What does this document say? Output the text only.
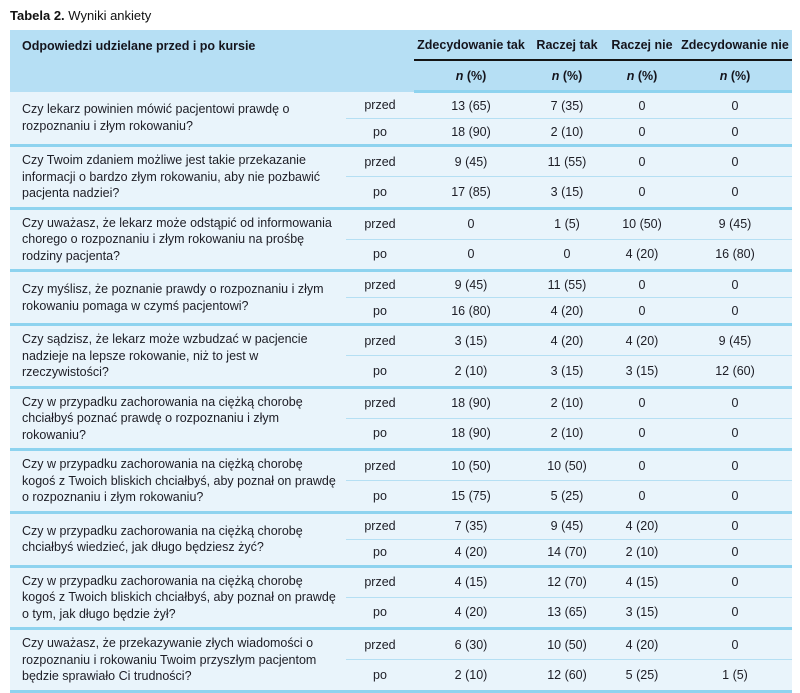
Tabela 2. Wyniki ankiety

Odpowiedzi udzielane przed i po kursie		Zdecydowanie tak	Raczej tak	Raczej nie	Zdecydowanie nie
		n (%)	n (%)	n (%)	n (%)
Czy lekarz powinien mówić pacjentowi prawdę o rozpoznaniu i złym rokowaniu?	przed	13 (65)	7 (35)	0	0
	po	18 (90)	2 (10)	0	0
Czy Twoim zdaniem możliwe jest takie przekazanie informacji o bardzo złym rokowaniu, aby nie pozbawić pacjenta nadziei?	przed	9 (45)	11 (55)	0	0
	po	17 (85)	3 (15)	0	0
Czy uważasz, że lekarz może odstąpić od informowania chorego o rozpoznaniu i złym rokowaniu na prośbę rodziny pacjenta?	przed	0	1 (5)	10 (50)	9 (45)
	po	0	0	4 (20)	16 (80)
Czy myślisz, że poznanie prawdy o rozpoznaniu i złym rokowaniu pomaga w czymś pacjentowi?	przed	9 (45)	11 (55)	0	0
	po	16 (80)	4 (20)	0	0
Czy sądzisz, że lekarz może wzbudzać w pacjencie nadzieje na lepsze rokowanie, niż to jest w rzeczywistości?	przed	3 (15)	4 (20)	4 (20)	9 (45)
	po	2 (10)	3 (15)	3 (15)	12 (60)
Czy w przypadku zachorowania na ciężką chorobę chciałbyś poznać prawdę o rozpoznaniu i złym rokowaniu?	przed	18 (90)	2 (10)	0	0
	po	18 (90)	2 (10)	0	0
Czy w przypadku zachorowania na ciężką chorobę kogoś z Twoich bliskich chciałbyś, aby poznał on prawdę o rozpoznaniu i złym rokowaniu?	przed	10 (50)	10 (50)	0	0
	po	15 (75)	5 (25)	0	0
Czy w przypadku zachorowania na ciężką chorobę chciałbyś wiedzieć, jak długo będziesz żyć?	przed	7 (35)	9 (45)	4 (20)	0
	po	4 (20)	14 (70)	2 (10)	0
Czy w przypadku zachorowania na ciężką chorobę kogoś z Twoich bliskich chciałbyś, aby poznał on prawdę o tym, jak długo będzie żył?	przed	4 (15)	12 (70)	4 (15)	0
	po	4 (20)	13 (65)	3 (15)	0
Czy uważasz, że przekazywanie złych wiadomości o rozpoznaniu i rokowaniu Twoim przyszłym pacjentom będzie sprawiało Ci trudności?	przed	6 (30)	10 (50)	4 (20)	0
	po	2 (10)	12 (60)	5 (25)	1 (5)
